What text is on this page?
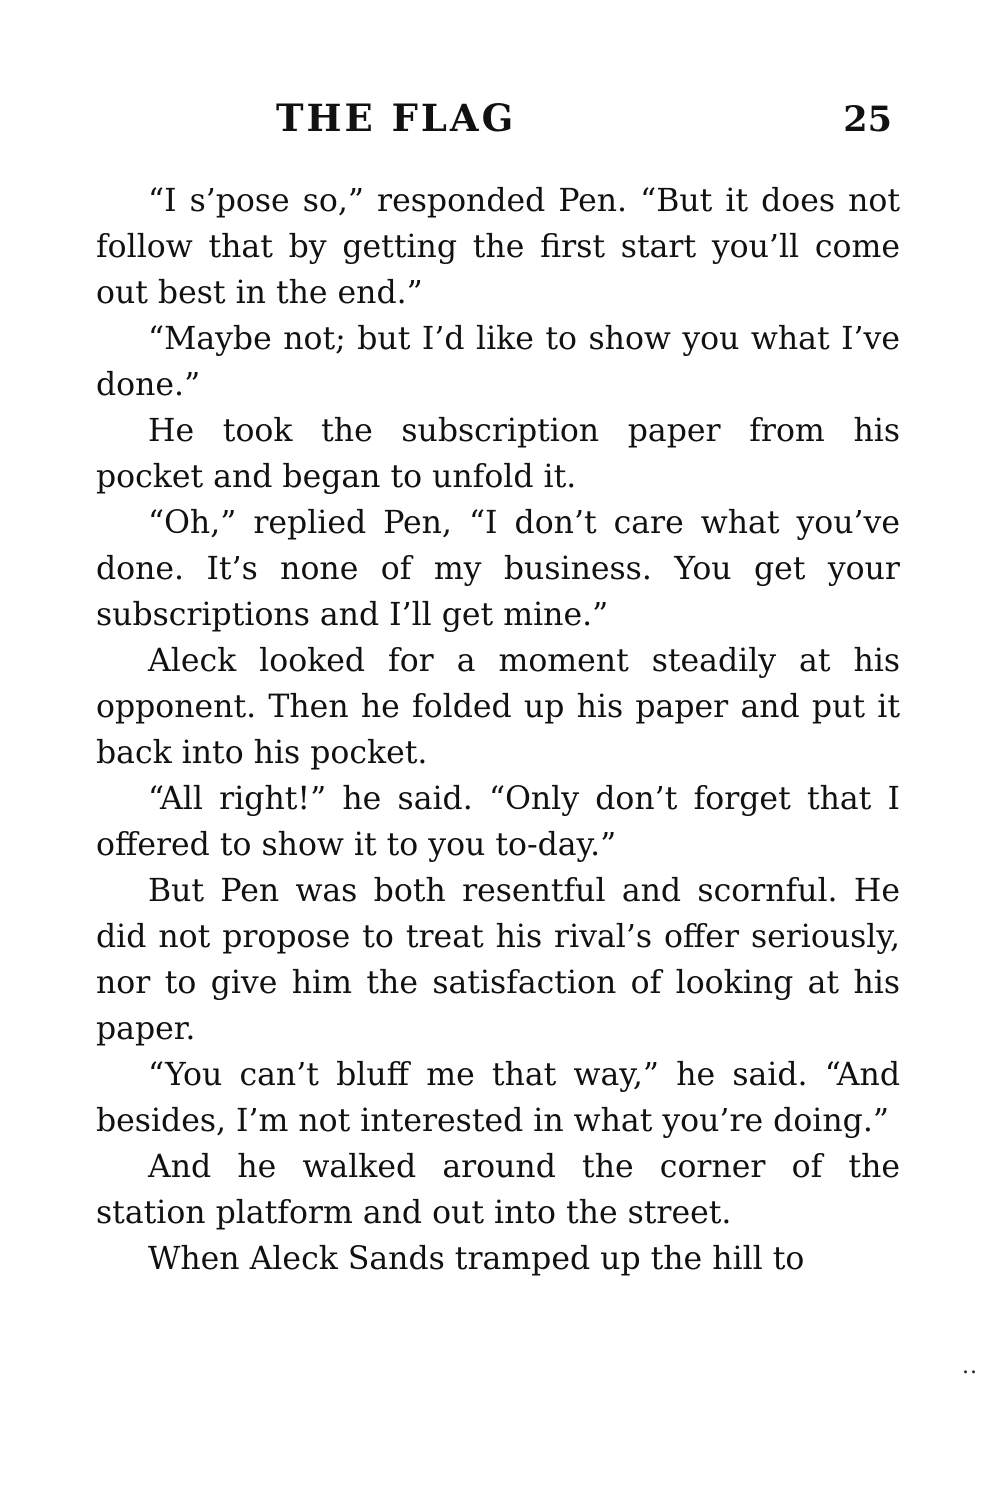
THE FLAG	25

“I s’pose so,” responded Pen. “But it does not follow that by getting the first start you’ll come out best in the end.”

“Maybe not; but I’d like to show you what I’ve done.”

He took the subscription paper from his pocket and began to unfold it.

“Oh,” replied Pen, “I don’t care what you’ve done. It’s none of my business. You get your subscriptions and I’ll get mine.”

Aleck looked for a moment steadily at his opponent. Then he folded up his paper and put it back into his pocket.

“All right!” he said. “Only don’t forget that I offered to show it to you to-day.”

But Pen was both resentful and scornful. He did not propose to treat his rival’s offer seriously, nor to give him the satisfaction of looking at his paper.

“You can’t bluff me that way,” he said. “And besides, I’m not interested in what you’re doing.”

And he walked around the corner of the station platform and out into the street.

When Aleck Sands tramped up the hill to

..
